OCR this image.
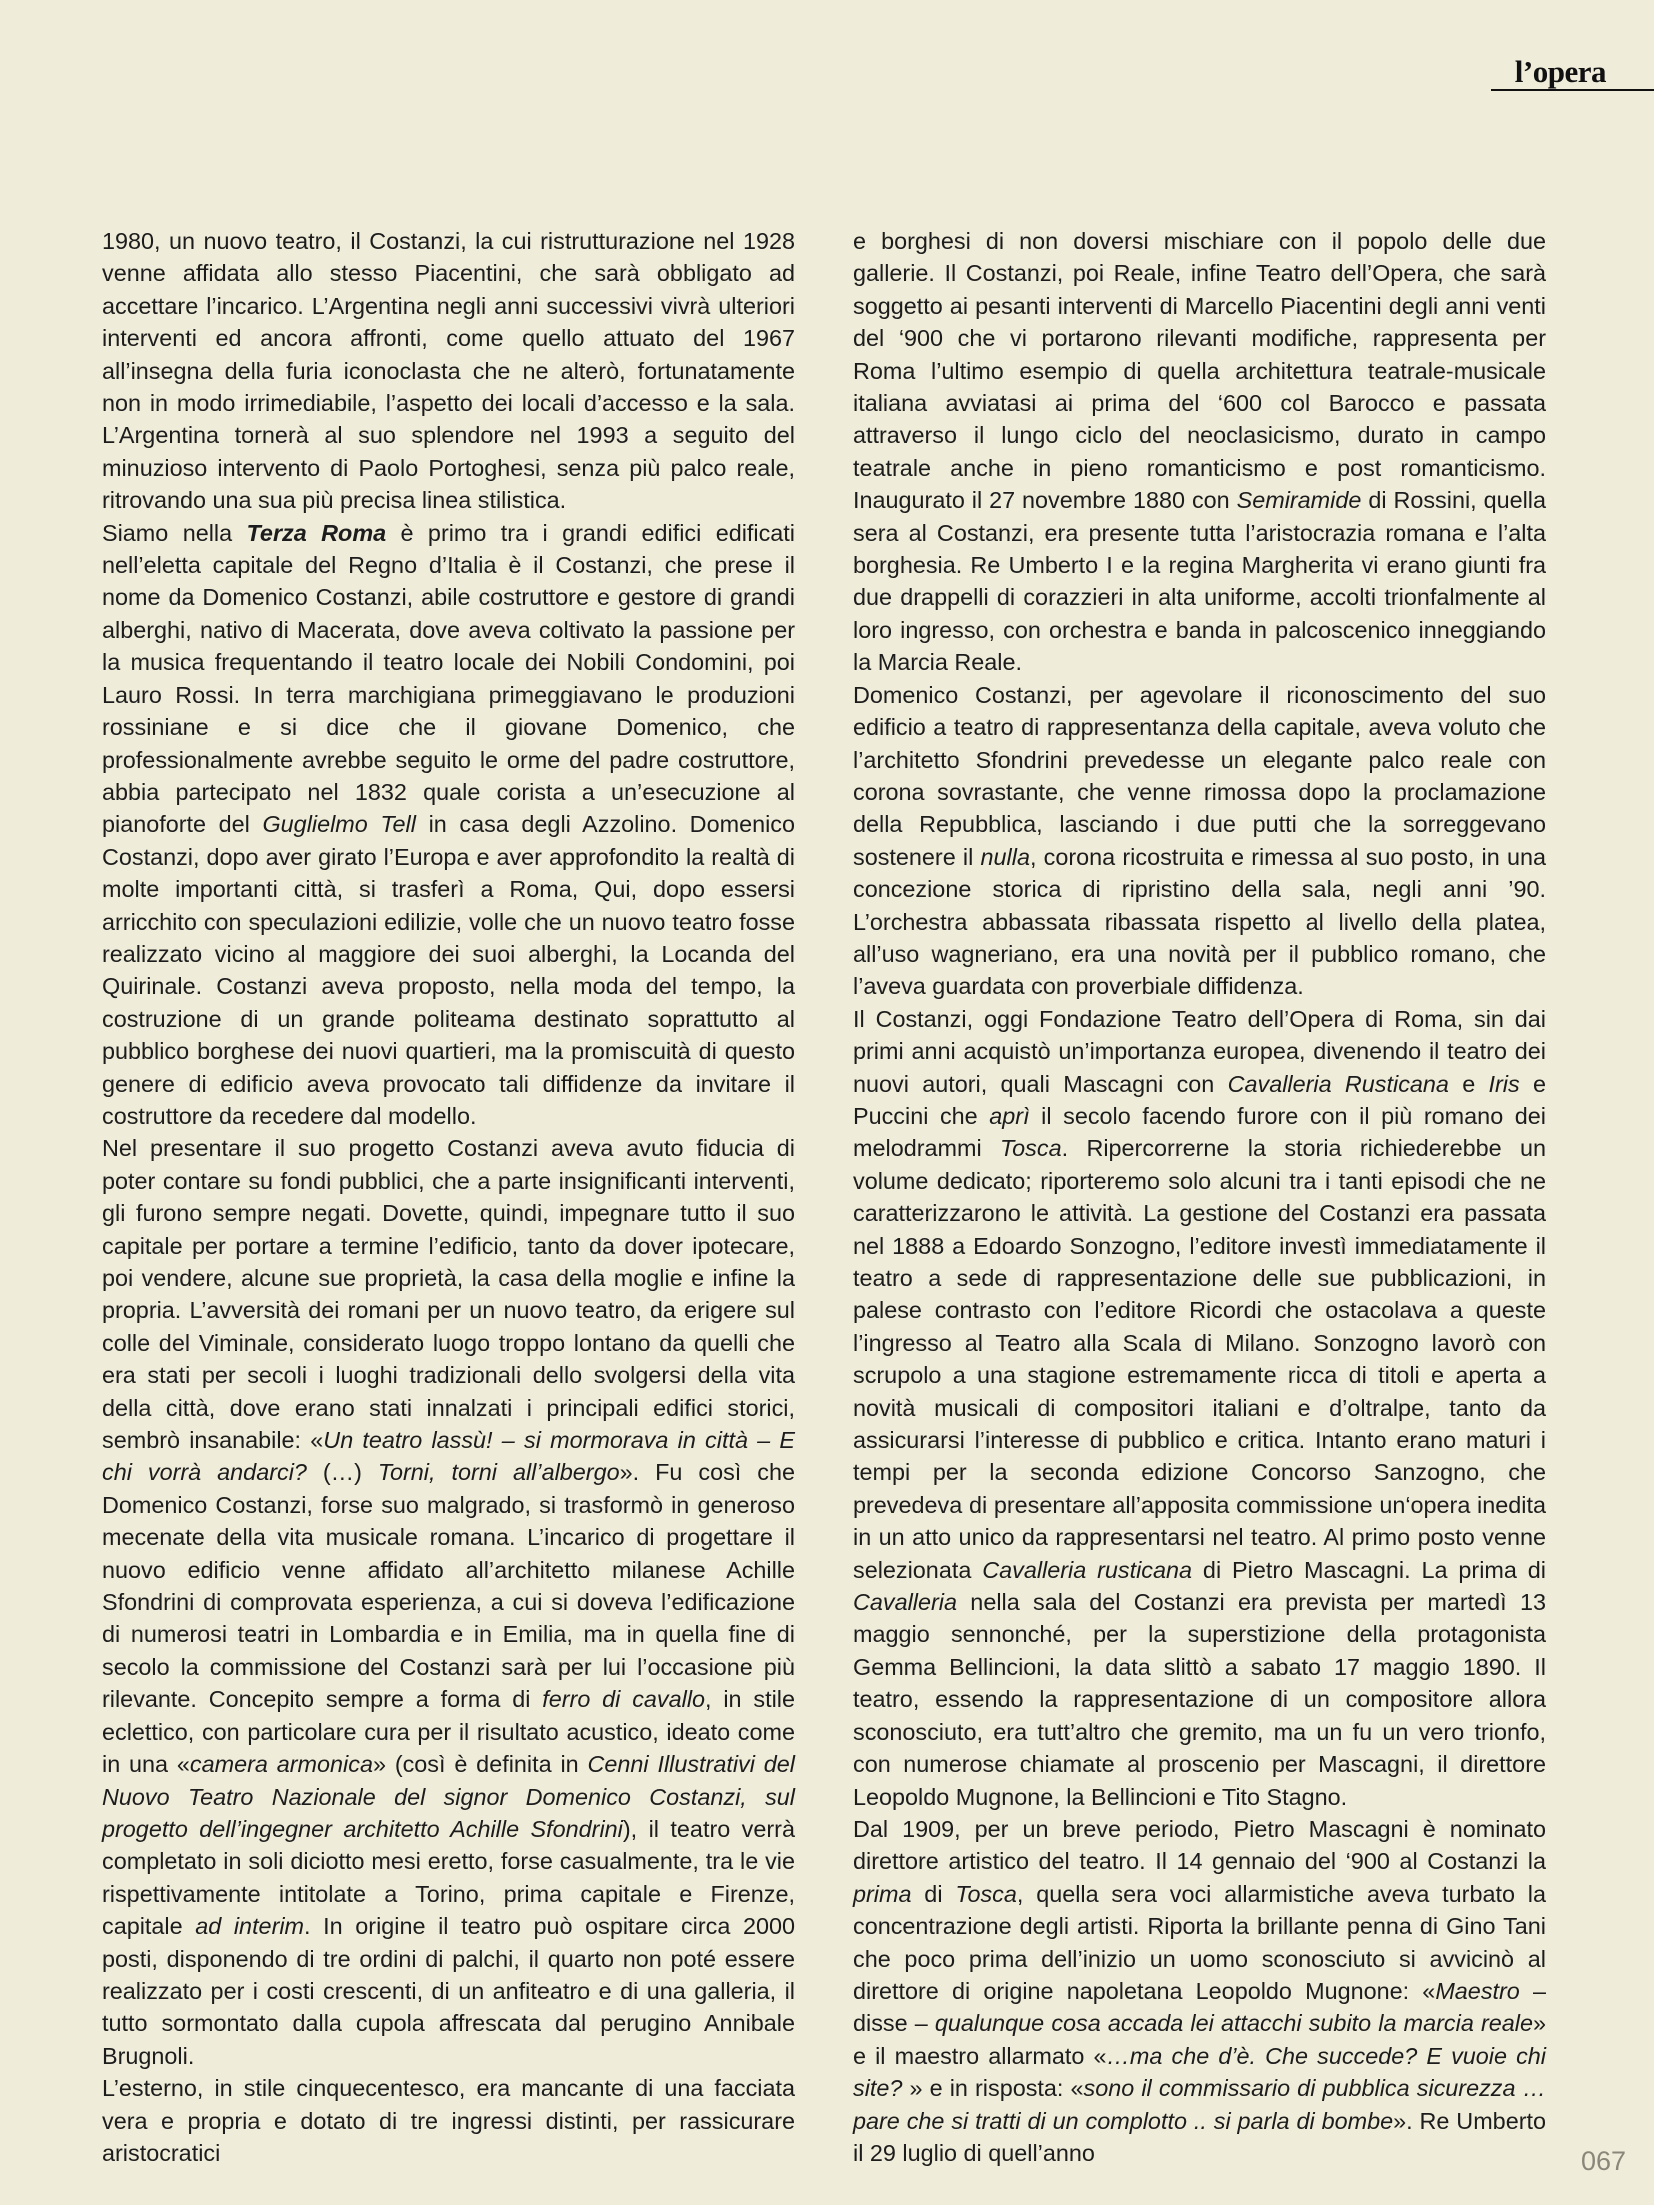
l’opera

1980, un nuovo teatro, il Costanzi, la cui ristrutturazione nel 1928 venne affidata allo stesso Piacentini, che sarà obbligato ad accettare l’incarico. L’Argentina negli anni successivi vivrà ulteriori interventi ed ancora affronti, come quello attuato del 1967 all’insegna della furia iconoclasta che ne alterò, fortunatamente non in modo irrimediabile, l’aspetto dei locali d’accesso e la sala. L’Argentina tornerà al suo splendore nel 1993 a seguito del minuzioso intervento di Paolo Portoghesi, senza più palco reale, ritrovando una sua più precisa linea stilistica.

Siamo nella Terza Roma è primo tra i grandi edifici edificati nell’eletta capitale del Regno d’Italia è il Costanzi, che prese il nome da Domenico Costanzi, abile costruttore e gestore di grandi alberghi, nativo di Macerata, dove aveva coltivato la passione per la musica frequentando il teatro locale dei Nobili Condomini, poi Lauro Rossi. In terra marchigiana primeggiavano le produzioni rossiniane e si dice che il giovane Domenico, che professionalmente avrebbe seguito le orme del padre costruttore, abbia partecipato nel 1832 quale corista a un’esecuzione al pianoforte del Guglielmo Tell in casa degli Azzolino. Domenico Costanzi, dopo aver girato l’Europa e aver approfondito la realtà di molte importanti città, si trasferì a Roma, Qui, dopo essersi arricchito con speculazioni edilizie, volle che un nuovo teatro fosse realizzato vicino al maggiore dei suoi alberghi, la Locanda del Quirinale. Costanzi aveva proposto, nella moda del tempo, la costruzione di un grande politeama destinato soprattutto al pubblico borghese dei nuovi quartieri, ma la promiscuità di questo genere di edificio aveva provocato tali diffidenze da invitare il costruttore da recedere dal modello.

Nel presentare il suo progetto Costanzi aveva avuto fiducia di poter contare su fondi pubblici, che a parte insignificanti interventi, gli furono sempre negati. Dovette, quindi, impegnare tutto il suo capitale per portare a termine l’edificio, tanto da dover ipotecare, poi vendere, alcune sue proprietà, la casa della moglie e infine la propria. L’avversità dei romani per un nuovo teatro, da erigere sul colle del Viminale, considerato luogo troppo lontano da quelli che era stati per secoli i luoghi tradizionali dello svolgersi della vita della città, dove erano stati innalzati i principali edifici storici, sembrò insanabile: «Un teatro lassù! – si mormorava in città – E chi vorrà andarci? (…) Torni, torni all’albergo». Fu così che Domenico Costanzi, forse suo malgrado, si trasformò in generoso mecenate della vita musicale romana. L’incarico di progettare il nuovo edificio venne affidato all’architetto milanese Achille Sfondrini di comprovata esperienza, a cui si doveva l’edificazione di numerosi teatri in Lombardia e in Emilia, ma in quella fine di secolo la commissione del Costanzi sarà per lui l’occasione più rilevante. Concepito sempre a forma di ferro di cavallo, in stile eclettico, con particolare cura per il risultato acustico, ideato come in una «camera armonica» (così è definita in Cenni Illustrativi del Nuovo Teatro Nazionale del signor Domenico Costanzi, sul progetto dell’ingegner architetto Achille Sfondrini), il teatro verrà completato in soli diciotto mesi eretto, forse casualmente, tra le vie rispettivamente intitolate a Torino, prima capitale e Firenze, capitale ad interim. In origine il teatro può ospitare circa 2000 posti, disponendo di tre ordini di palchi, il quarto non poté essere realizzato per i costi crescenti, di un anfiteatro e di una galleria, il tutto sormontato dalla cupola affrescata dal perugino Annibale Brugnoli.

L’esterno, in stile cinquecentesco, era mancante di una facciata vera e propria e dotato di tre ingressi distinti, per rassicurare aristocratici

e borghesi di non doversi mischiare con il popolo delle due gallerie. Il Costanzi, poi Reale, infine Teatro dell’Opera, che sarà soggetto ai pesanti interventi di Marcello Piacentini degli anni venti del ‘900 che vi portarono rilevanti modifiche, rappresenta per Roma l’ultimo esempio di quella architettura teatrale-musicale italiana avviatasi ai prima del ‘600 col Barocco e passata attraverso il lungo ciclo del neoclasicismo, durato in campo teatrale anche in pieno romanticismo e post romanticismo. Inaugurato il 27 novembre 1880 con Semiramide di Rossini, quella sera al Costanzi, era presente tutta l’aristocrazia romana e l’alta borghesia. Re Umberto I e la regina Margherita vi erano giunti fra due drappelli di corazzieri in alta uniforme, accolti trionfalmente al loro ingresso, con orchestra e banda in palcoscenico inneggiando la Marcia Reale.

Domenico Costanzi, per agevolare il riconoscimento del suo edificio a teatro di rappresentanza della capitale, aveva voluto che l’architetto Sfondrini prevedesse un elegante palco reale con corona sovrastante, che venne rimossa dopo la proclamazione della Repubblica, lasciando i due putti che la sorreggevano sostenere il nulla, corona ricostruita e rimessa al suo posto, in una concezione storica di ripristino della sala, negli anni ’90. L’orchestra abbassata ribassata rispetto al livello della platea, all’uso wagneriano, era una novità per il pubblico romano, che l’aveva guardata con proverbiale diffidenza.

Il Costanzi, oggi Fondazione Teatro dell’Opera di Roma, sin dai primi anni acquistò un’importanza europea, divenendo il teatro dei nuovi autori, quali Mascagni con Cavalleria Rusticana e Iris e Puccini che aprì il secolo facendo furore con il più romano dei melodrammi Tosca. Ripercorrerne la storia richiederebbe un volume dedicato; riporteremo solo alcuni tra i tanti episodi che ne caratterizzarono le attività. La gestione del Costanzi era passata nel 1888 a Edoardo Sonzogno, l’editore investì immediatamente il teatro a sede di rappresentazione delle sue pubblicazioni, in palese contrasto con l’editore Ricordi che ostacolava a queste l’ingresso al Teatro alla Scala di Milano. Sonzogno lavorò con scrupolo a una stagione estremamente ricca di titoli e aperta a novità musicali di compositori italiani e d’oltralpe, tanto da assicurarsi l’interesse di pubblico e critica. Intanto erano maturi i tempi per la seconda edizione Concorso Sanzogno, che prevedeva di presentare all’apposita commissione un‘opera inedita in un atto unico da rappresentarsi nel teatro. Al primo posto venne selezionata Cavalleria rusticana di Pietro Mascagni. La prima di Cavalleria nella sala del Costanzi era prevista per martedì 13 maggio sennonché, per la superstizione della protagonista Gemma Bellincioni, la data slittò a sabato 17 maggio 1890. Il teatro, essendo la rappresentazione di un compositore allora sconosciuto, era tutt’altro che gremito, ma un fu un vero trionfo, con numerose chiamate al proscenio per Mascagni, il direttore Leopoldo Mugnone, la Bellincioni e Tito Stagno.

Dal 1909, per un breve periodo, Pietro Mascagni è nominato direttore artistico del teatro. Il 14 gennaio del ‘900 al Costanzi la prima di Tosca, quella sera voci allarmistiche aveva turbato la concentrazione degli artisti. Riporta la brillante penna di Gino Tani che poco prima dell’inizio un uomo sconosciuto si avvicinò al direttore di origine napoletana Leopoldo Mugnone: «Maestro – disse – qualunque cosa accada lei attacchi subito la marcia reale» e il maestro allarmato «…ma che d’è. Che succede? E vuoie chi site? » e in risposta: «sono il commissario di pubblica sicurezza … pare che si tratti di un complotto .. si parla di bombe». Re Umberto il 29 luglio di quell’anno	067
